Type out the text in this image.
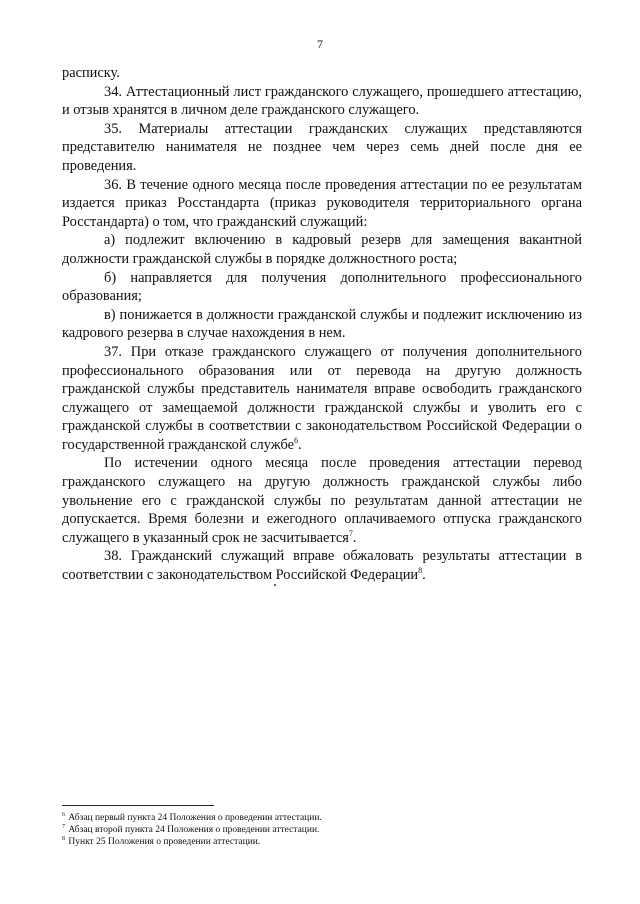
7

расписку.

34. Аттестационный лист гражданского служащего, прошедшего аттестацию, и отзыв хранятся в личном деле гражданского служащего.

35. Материалы аттестации гражданских служащих представляются представителю нанимателя не позднее чем через семь дней после дня ее проведения.

36. В течение одного месяца после проведения аттестации по ее результатам издается приказ Росстандарта (приказ руководителя территориального органа Росстандарта) о том, что гражданский служащий:

а) подлежит включению в кадровый резерв для замещения вакантной должности гражданской службы в порядке должностного роста;

б) направляется для получения дополнительного профессионального образования;

в) понижается в должности гражданской службы и подлежит исключению из кадрового резерва в случае нахождения в нем.

37. При отказе гражданского служащего от получения дополнительного профессионального образования или от перевода на другую должность гражданской службы представитель нанимателя вправе освободить гражданского служащего от замещаемой должности гражданской службы и уволить его с гражданской службы в соответствии с законодательством Российской Федерации о государственной гражданской службе$^6$.

По истечении одного месяца после проведения аттестации перевод гражданского служащего на другую должность гражданской службы либо увольнение его с гражданской службы по результатам данной аттестации не допускается. Время болезни и ежегодного оплачиваемого отпуска гражданского служащего в указанный срок не засчитывается$^7$.

38. Гражданский служащий вправе обжаловать результаты аттестации в соответствии с законодательством Российской Федерации$^8$.

$^6$ Абзац первый пункта 24 Положения о проведении аттестации.
$^7$ Абзац второй пункта 24 Положения о проведении аттестации.
$^8$ Пункт 25 Положения о проведении аттестации.
